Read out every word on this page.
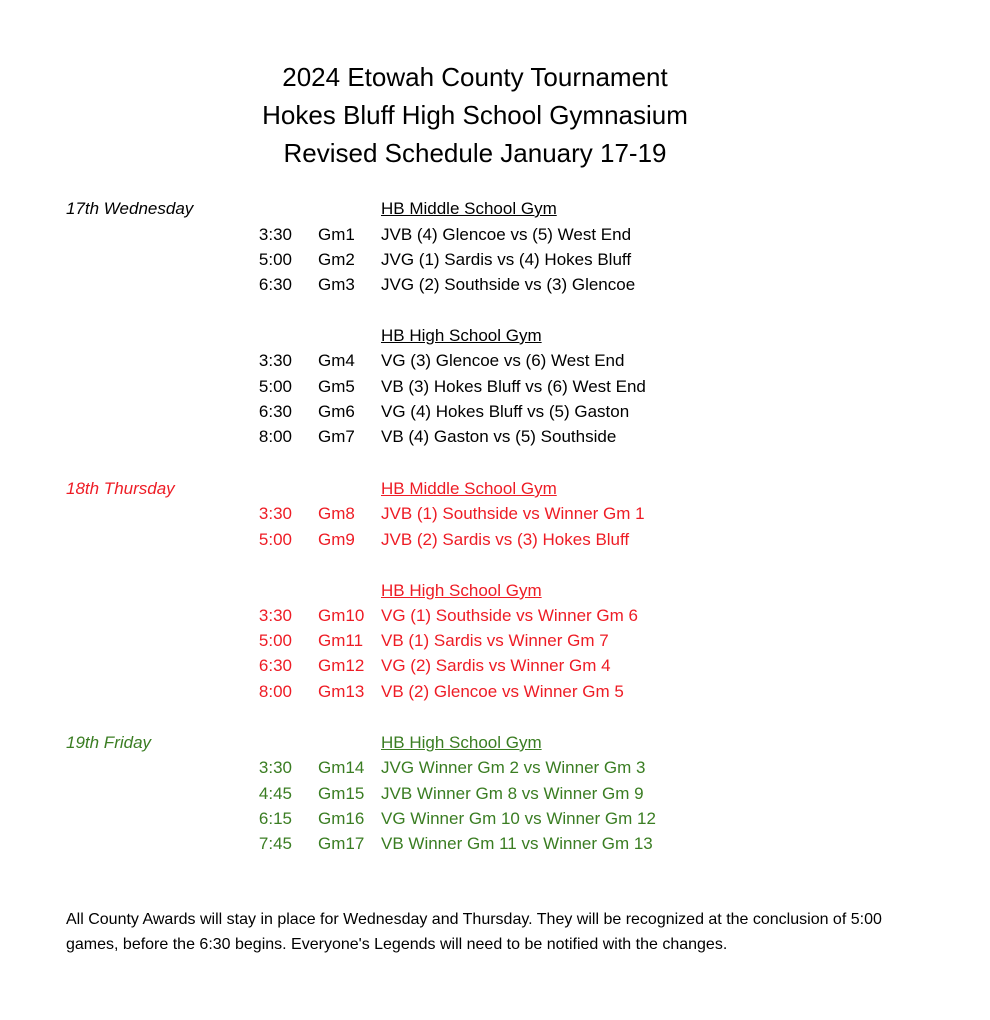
2024 Etowah County Tournament
Hokes Bluff High School Gymnasium
Revised Schedule January 17-19
17th Wednesday	HB Middle School Gym
3:30 Gm1 JVB (4) Glencoe vs (5) West End
5:00 Gm2 JVG (1) Sardis vs (4) Hokes Bluff
6:30 Gm3 JVG (2) Southside vs (3) Glencoe
HB High School Gym
3:30 Gm4 VG (3) Glencoe vs (6) West End
5:00 Gm5 VB (3) Hokes Bluff vs (6) West End
6:30 Gm6 VG (4) Hokes Bluff vs (5) Gaston
8:00 Gm7 VB (4) Gaston vs (5) Southside
18th Thursday	HB Middle School Gym
3:30 Gm8 JVB (1) Southside vs Winner Gm 1
5:00 Gm9 JVB (2) Sardis vs (3) Hokes Bluff
HB High School Gym
3:30 Gm10 VG (1) Southside vs Winner Gm 6
5:00 Gm11 VB (1) Sardis vs Winner Gm 7
6:30 Gm12 VG (2) Sardis vs Winner Gm 4
8:00 Gm13 VB (2) Glencoe vs Winner Gm 5
19th Friday	HB High School Gym
3:30 Gm14 JVG Winner Gm 2 vs Winner Gm 3
4:45 Gm15 JVB Winner Gm 8 vs Winner Gm 9
6:15 Gm16 VG Winner Gm 10 vs Winner Gm 12
7:45 Gm17 VB Winner Gm 11 vs Winner Gm 13
All County Awards will stay in place for Wednesday and Thursday. They will be recognized at the conclusion of 5:00 games, before the 6:30 begins. Everyone's Legends will need to be notified with the changes.
